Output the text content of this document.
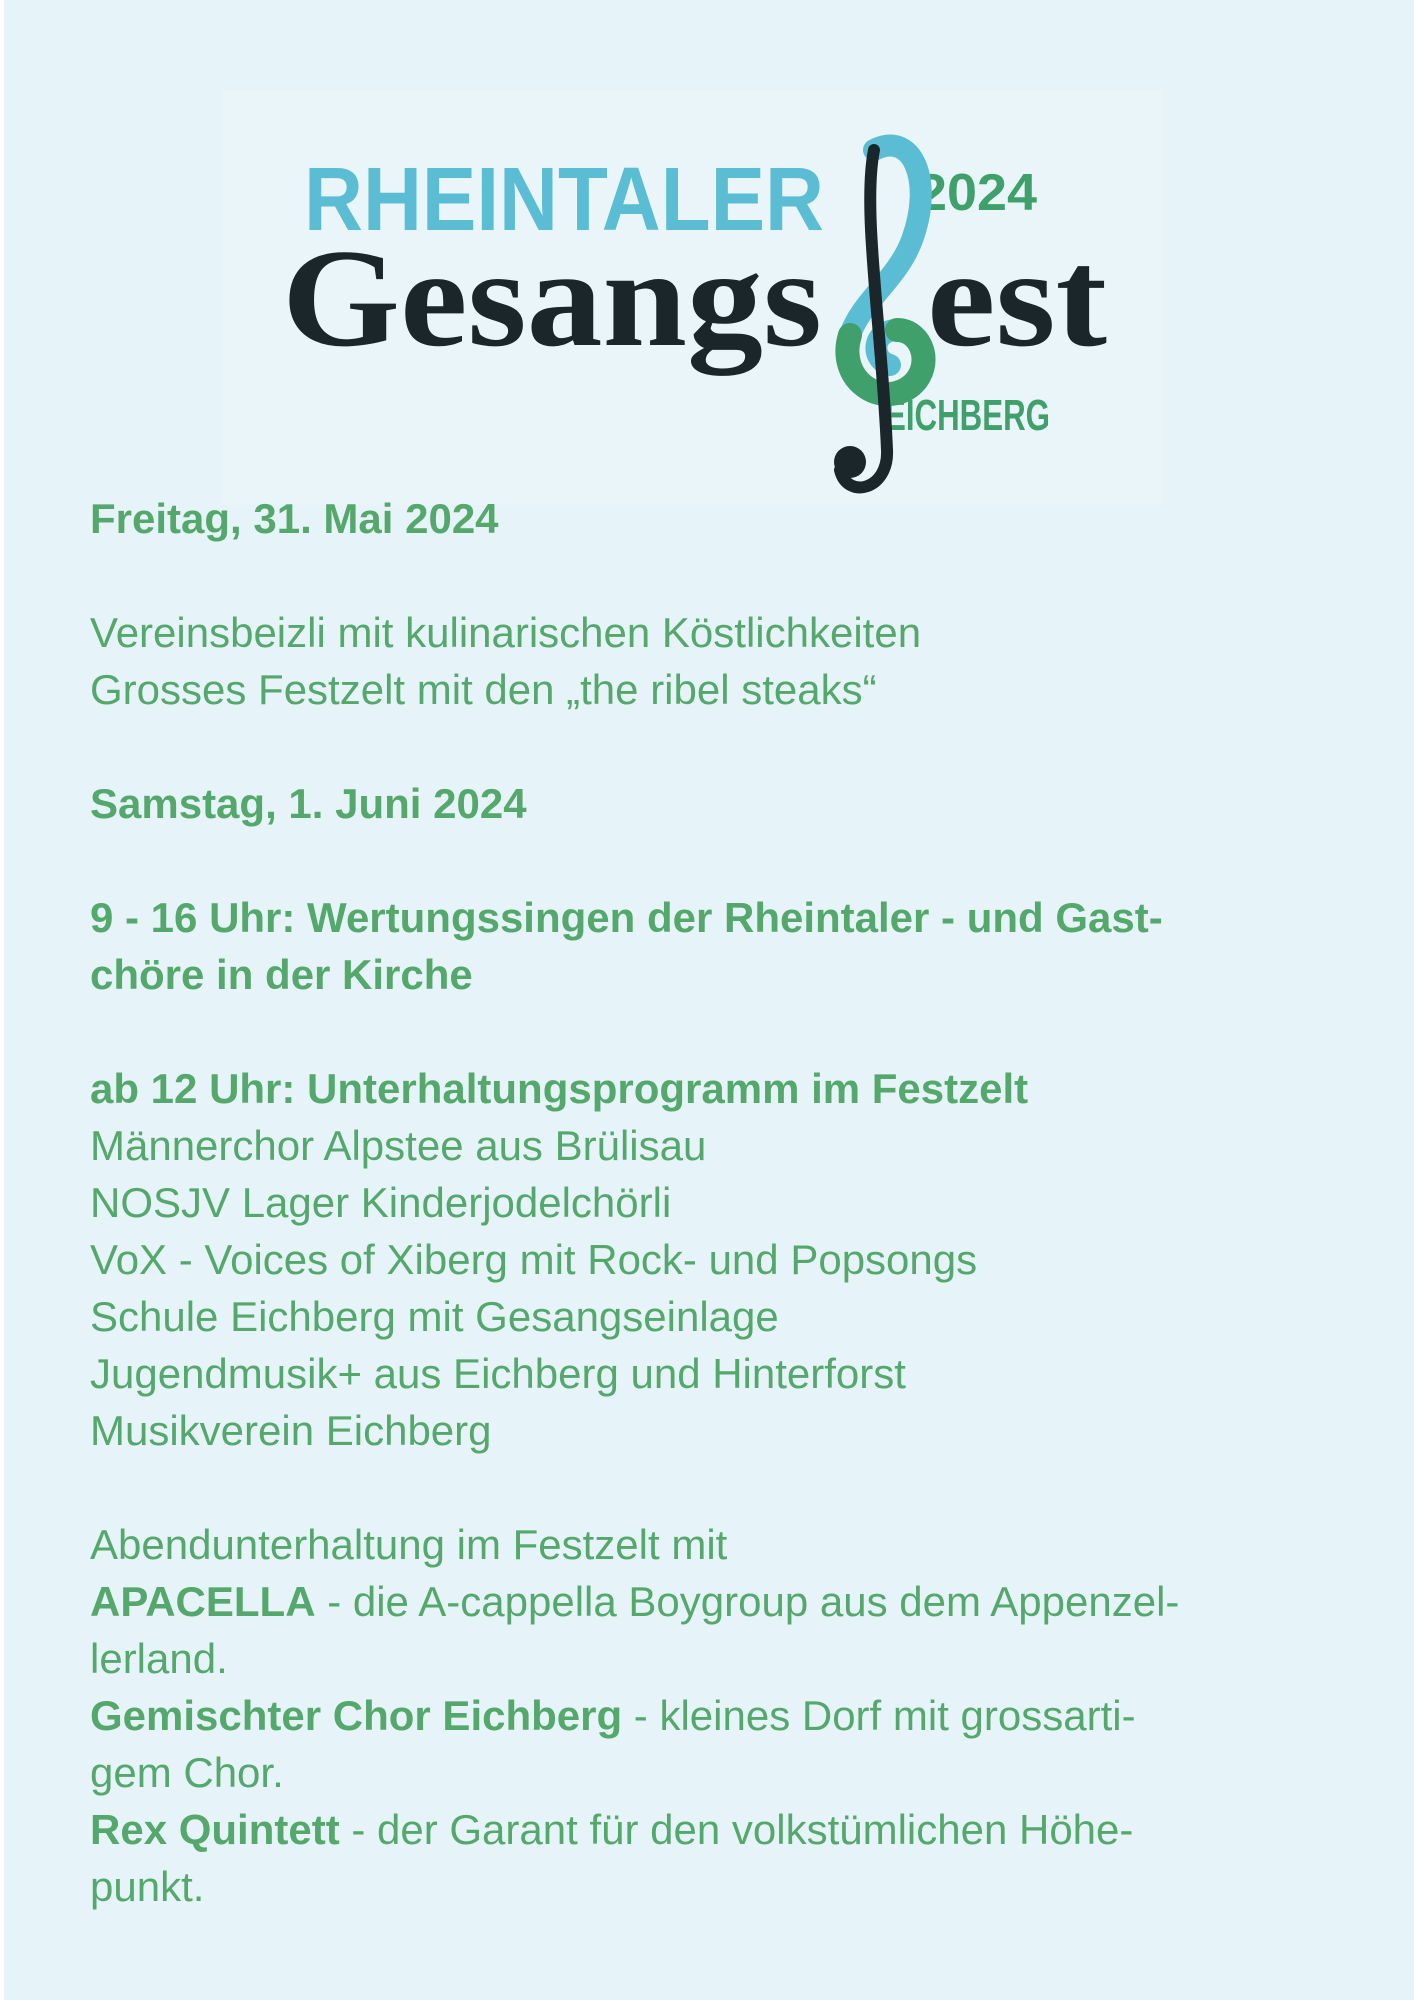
RHEINTALER 2024
Gesangs est
EICHBERG
Freitag, 31. Mai 2024
Vereinsbeizli mit kulinarischen Köstlichkeiten
Grosses Festzelt mit den „the ribel steaks“
Samstag, 1. Juni 2024
9 - 16 Uhr: Wertungssingen der Rheintaler - und Gast-
chöre in der Kirche
ab 12 Uhr: Unterhaltungsprogramm im Festzelt
Männerchor Alpstee aus Brülisau
NOSJV Lager Kinderjodelchörli
VoX - Voices of Xiberg mit Rock- und Popsongs
Schule Eichberg mit Gesangseinlage
Jugendmusik+ aus Eichberg und Hinterforst
Musikverein Eichberg
Abendunterhaltung im Festzelt mit
APACELLA - die A-cappella Boygroup aus dem Appenzel-
lerland.
Gemischter Chor Eichberg - kleines Dorf mit grossarti-
gem Chor.
Rex Quintett - der Garant für den volkstümlichen Höhe-
punkt.
